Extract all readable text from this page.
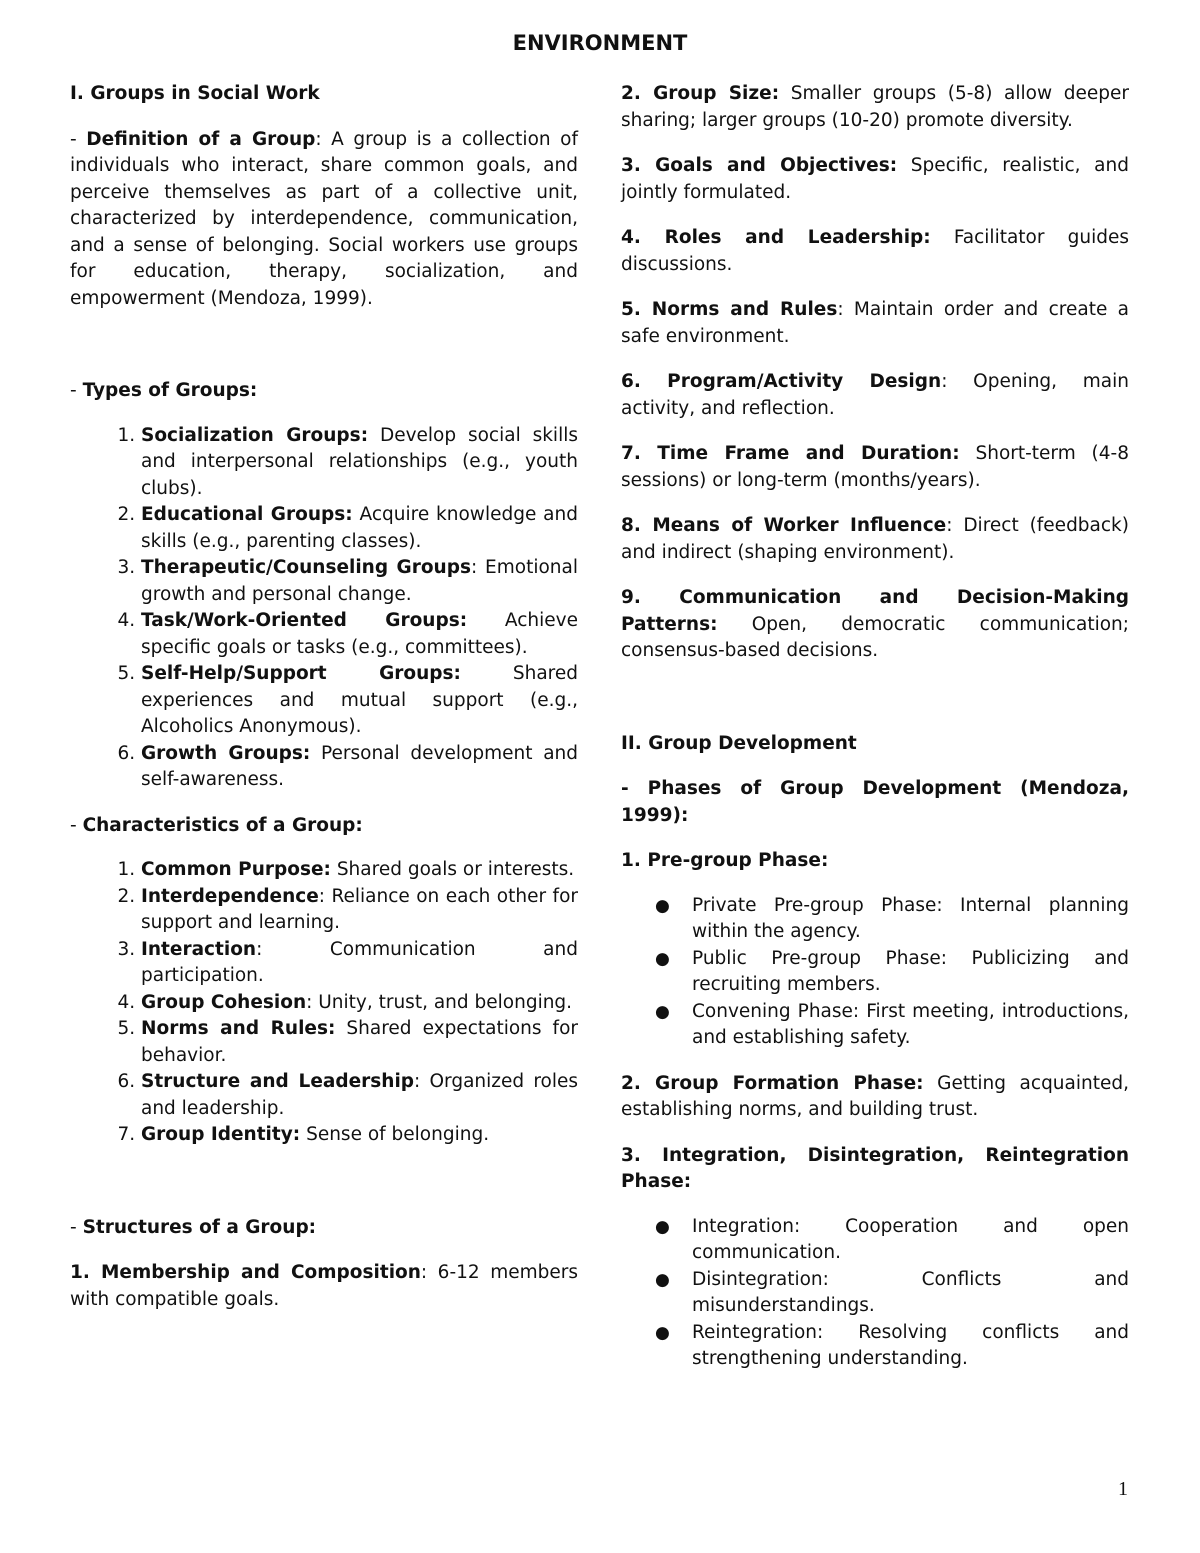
ENVIRONMENT

I. Groups in Social Work

- Definition of a Group: A group is a collection of individuals who interact, share common goals, and perceive themselves as part of a collective unit, characterized by interdependence, communication, and a sense of belonging. Social workers use groups for education, therapy, socialization, and empowerment (Mendoza, 1999).

- Types of Groups:

1. Socialization Groups: Develop social skills and interpersonal relationships (e.g., youth clubs).
2. Educational Groups: Acquire knowledge and skills (e.g., parenting classes).
3. Therapeutic/Counseling Groups: Emotional growth and personal change.
4. Task/Work-Oriented Groups: Achieve specific goals or tasks (e.g., committees).
5. Self-Help/Support Groups: Shared experiences and mutual support (e.g., Alcoholics Anonymous).
6. Growth Groups: Personal development and self-awareness.

- Characteristics of a Group:

1. Common Purpose: Shared goals or interests.
2. Interdependence: Reliance on each other for support and learning.
3. Interaction: Communication and participation.
4. Group Cohesion: Unity, trust, and belonging.
5. Norms and Rules: Shared expectations for behavior.
6. Structure and Leadership: Organized roles and leadership.
7. Group Identity: Sense of belonging.

- Structures of a Group:

1. Membership and Composition: 6-12 members with compatible goals.

2. Group Size: Smaller groups (5-8) allow deeper sharing; larger groups (10-20) promote diversity.

3. Goals and Objectives: Specific, realistic, and jointly formulated.

4. Roles and Leadership: Facilitator guides discussions.

5. Norms and Rules: Maintain order and create a safe environment.

6. Program/Activity Design: Opening, main activity, and reflection.

7. Time Frame and Duration: Short-term (4-8 sessions) or long-term (months/years).

8. Means of Worker Influence: Direct (feedback) and indirect (shaping environment).

9. Communication and Decision-Making Patterns: Open, democratic communication; consensus-based decisions.

II. Group Development

- Phases of Group Development (Mendoza, 1999):

1. Pre-group Phase:

● Private Pre-group Phase: Internal planning within the agency.
● Public Pre-group Phase: Publicizing and recruiting members.
● Convening Phase: First meeting, introductions, and establishing safety.

2. Group Formation Phase: Getting acquainted, establishing norms, and building trust.

3. Integration, Disintegration, Reintegration Phase:

● Integration: Cooperation and open communication.
● Disintegration: Conflicts and misunderstandings.
● Reintegration: Resolving conflicts and strengthening understanding.
1
